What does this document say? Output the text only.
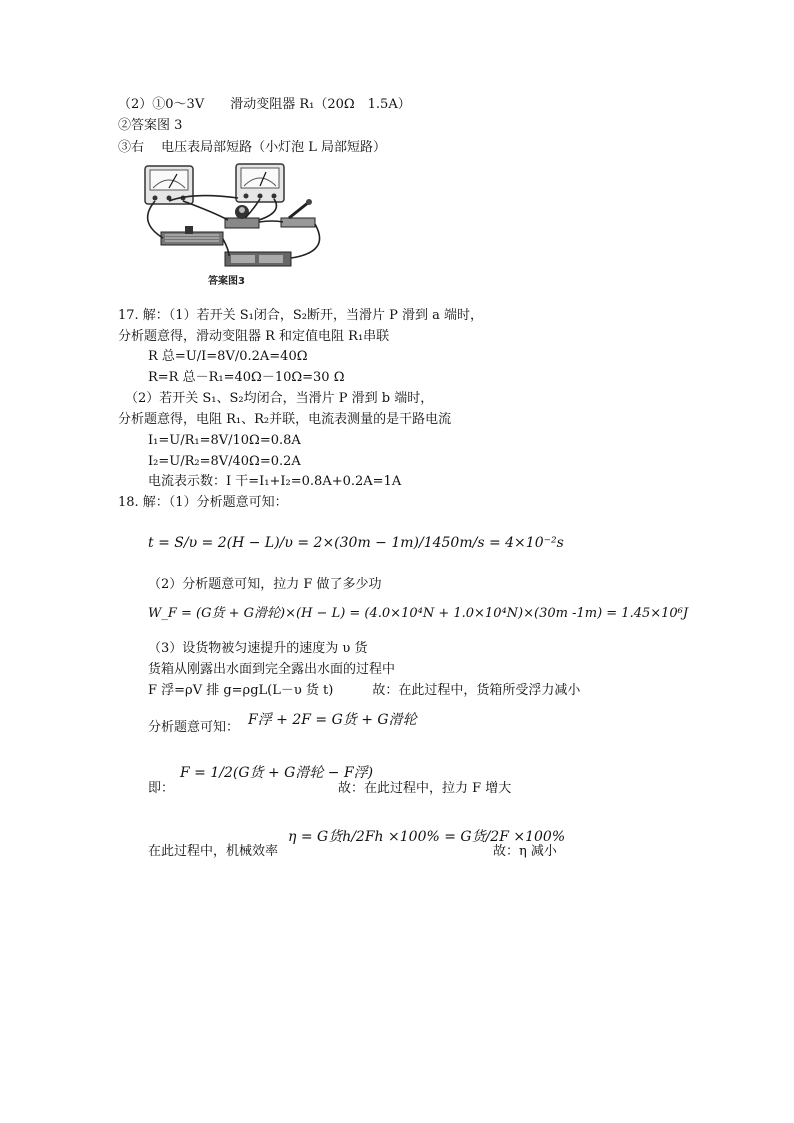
（2）①0～3V　　滑动变阻器 R₁（20Ω　1.5A）
②答案图 3
③右　 电压表局部短路（小灯泡 L 局部短路）
答案图3
17. 解：（1）若开关 S₁闭合，S₂断开，当滑片 P 滑到 a 端时，
分析题意得，滑动变阻器 R 和定值电阻 R₁串联
R 总=U/I=8V/0.2A=40Ω
R=R 总－R₁=40Ω－10Ω=30 Ω
（2）若开关 S₁、S₂均闭合，当滑片 P 滑到 b 端时，
分析题意得，电阻 R₁、R₂并联，电流表测量的是干路电流
I₁=U/R₁=8V/10Ω=0.8A
I₂=U/R₂=8V/40Ω=0.2A
电流表示数：I 干=I₁+I₂=0.8A+0.2A=1A
18. 解：（1）分析题意可知：
t = S/υ = 2(H − L)/υ = 2×(30m − 1m)/1450m/s = 4×10⁻²s
（2）分析题意可知，拉力 F 做了多少功
W_F = (G货 + G滑轮)×(H − L) = (4.0×10⁴N + 1.0×10⁴N)×(30m -1m) = 1.45×10⁶J
（3）设货物被匀速提升的速度为 υ 货
货箱从刚露出水面到完全露出水面的过程中
F 浮=ρV 排 g=ρgL(L－υ 货 t)　　　故：在此过程中，货箱所受浮力减小
分析题意可知： F浮 + 2F = G货 + G滑轮
即：
F = 1/2(G货 + G滑轮 − F浮)
故：在此过程中，拉力 F 增大
在此过程中，机械效率
η = G货h/2Fh ×100% = G货/2F ×100%
故：η 减小
